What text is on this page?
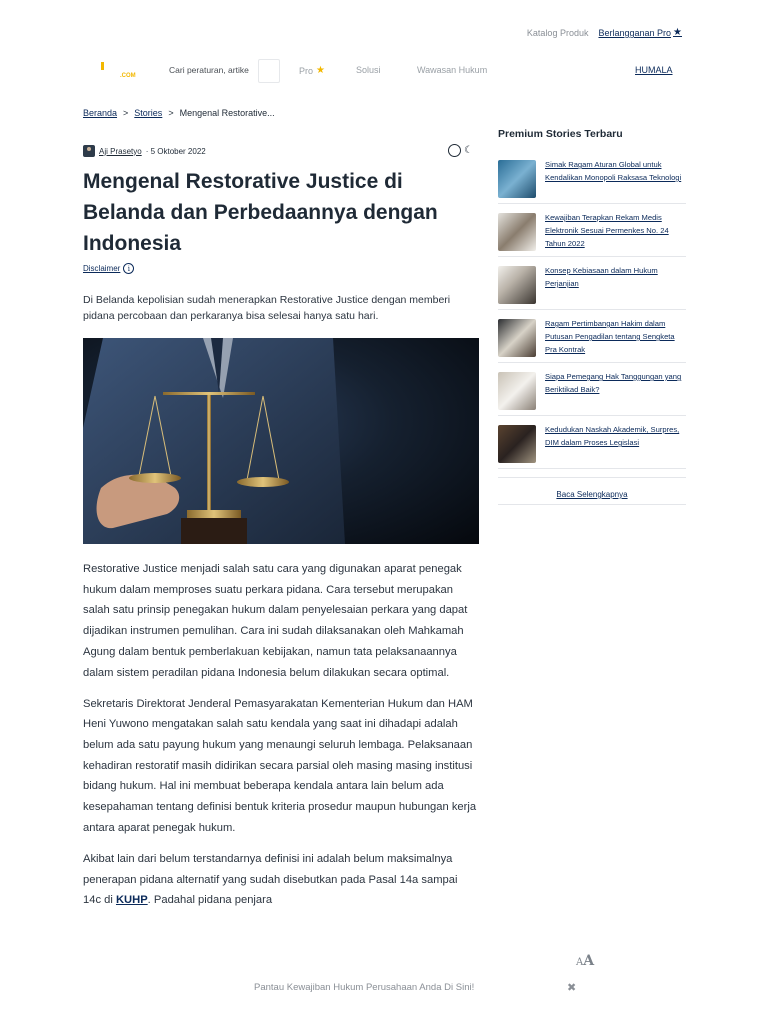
Katalog Produk Berlangganan Pro ★
.COM
Cari peraturan, artike	Pro ★	Solusi	Wawasan Hukum	HUMALA
Beranda > Stories > Mengenal Restorative...
Aji Prasetyo · 5 Oktober 2022	☾
Mengenal Restorative Justice di Belanda dan Perbedaannya dengan Indonesia
Disclaimer	i

Di Belanda kepolisian sudah menerapkan Restorative Justice dengan memberi pidana percobaan dan perkaranya bisa selesai hanya satu hari.

Restorative Justice menjadi salah satu cara yang digunakan aparat penegak hukum dalam memproses suatu perkara pidana. Cara tersebut merupakan salah satu prinsip penegakan hukum dalam penyelesaian perkara yang dapat dijadikan instrumen pemulihan. Cara ini sudah dilaksanakan oleh Mahkamah Agung dalam bentuk pemberlakuan kebijakan, namun tata pelaksanaannya dalam sistem peradilan pidana Indonesia belum dilakukan secara optimal.

Sekretaris Direktorat Jenderal Pemasyarakatan Kementerian Hukum dan HAM Heni Yuwono mengatakan salah satu kendala yang saat ini dihadapi adalah belum ada satu payung hukum yang menaungi seluruh lembaga. Pelaksanaan kehadiran restoratif masih didirikan secara parsial oleh masing masing institusi bidang hukum. Hal ini membuat beberapa kendala antara lain belum ada kesepahaman tentang definisi bentuk kriteria prosedur maupun hubungan kerja antara aparat penegak hukum.

Akibat lain dari belum terstandarnya definisi ini adalah belum maksimalnya penerapan pidana alternatif yang sudah disebutkan pada Pasal 14a sampai 14c di KUHP. Padahal pidana penjara

Premium Stories Terbaru
Simak Ragam Aturan Global untuk Kendalikan Monopoli Raksasa Teknologi
Kewajiban Terapkan Rekam Medis Elektronik Sesuai Permenkes No. 24 Tahun 2022
Konsep Kebiasaan dalam Hukum Perjanjian
Ragam Pertimbangan Hakim dalam Putusan Pengadilan tentang Sengketa Pra Kontrak
Siapa Pemegang Hak Tanggungan yang Beriktikad Baik?
Kedudukan Naskah Akademik, Surpres, DIM dalam Proses Legislasi
Baca Selengkapnya
AA
Pantau Kewajiban Hukum Perusahaan Anda Di Sini!	✖
